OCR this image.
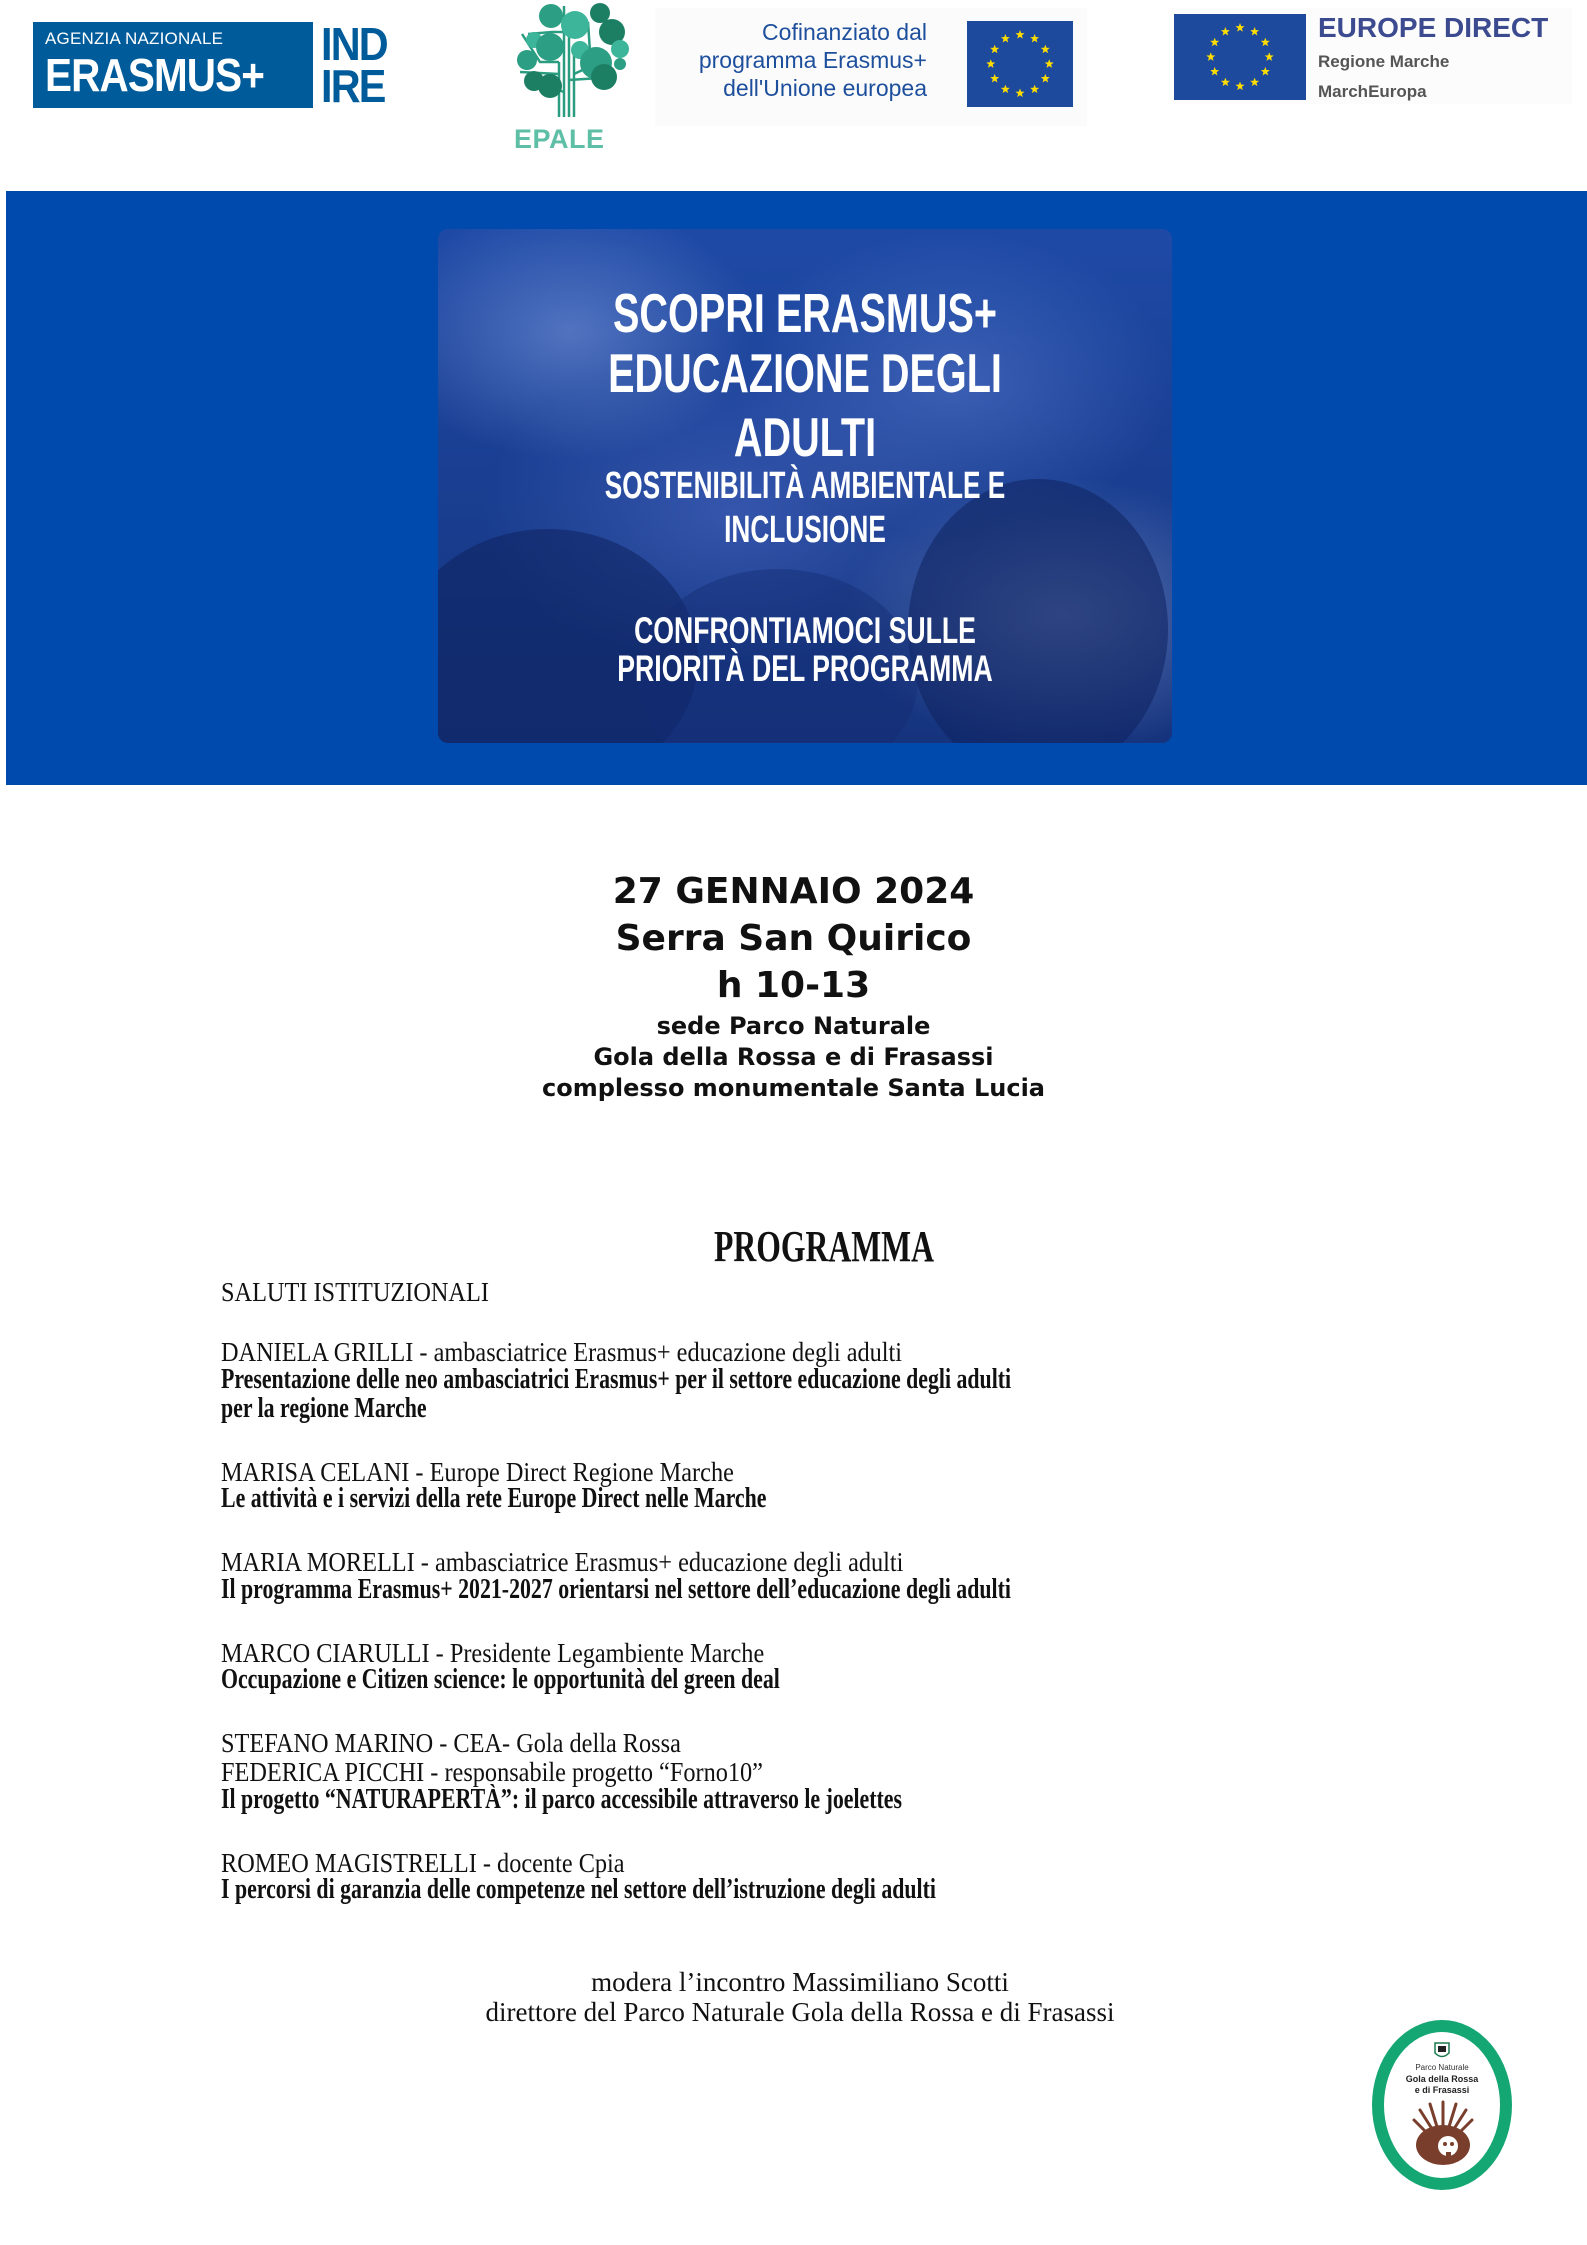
AGENZIA NAZIONALE
ERASMUS+
IND
IRE
EPALE
Cofinanziato dal
programma Erasmus+
dell'Unione europea
EUROPE DIRECT
Regione Marche
MarchEuropa
SCOPRI ERASMUS+
EDUCAZIONE DEGLI ADULTI
SOSTENIBILITÀ AMBIENTALE E INCLUSIONE
CONFRONTIAMOCI SULLE
PRIORITÀ DEL PROGRAMMA
27 GENNAIO 2024
Serra San Quirico
h 10-13
sede Parco Naturale
Gola della Rossa e di Frasassi
complesso monumentale Santa Lucia
PROGRAMMA
SALUTI ISTITUZIONALI
DANIELA GRILLI - ambasciatrice Erasmus+ educazione degli adulti
Presentazione delle neo ambasciatrici Erasmus+ per il settore educazione degli adulti
per la regione Marche
MARISA CELANI - Europe Direct Regione Marche
Le attività e i servizi della rete Europe Direct nelle Marche
MARIA MORELLI - ambasciatrice Erasmus+ educazione degli adulti
Il programma Erasmus+ 2021-2027 orientarsi nel settore dell’educazione degli adulti
MARCO CIARULLI - Presidente Legambiente Marche
Occupazione e Citizen science: le opportunità del green deal
STEFANO MARINO - CEA- Gola della Rossa
FEDERICA PICCHI - responsabile progetto “Forno10”
Il progetto “NATURAPERTÀ”: il parco accessibile attraverso le joelettes
ROMEO MAGISTRELLI - docente Cpia
I percorsi di garanzia delle competenze nel settore dell’istruzione degli adulti
modera l’incontro Massimiliano Scotti
direttore del Parco Naturale Gola della Rossa e di Frasassi
Parco Naturale
Gola della Rossa
e di Frasassi
